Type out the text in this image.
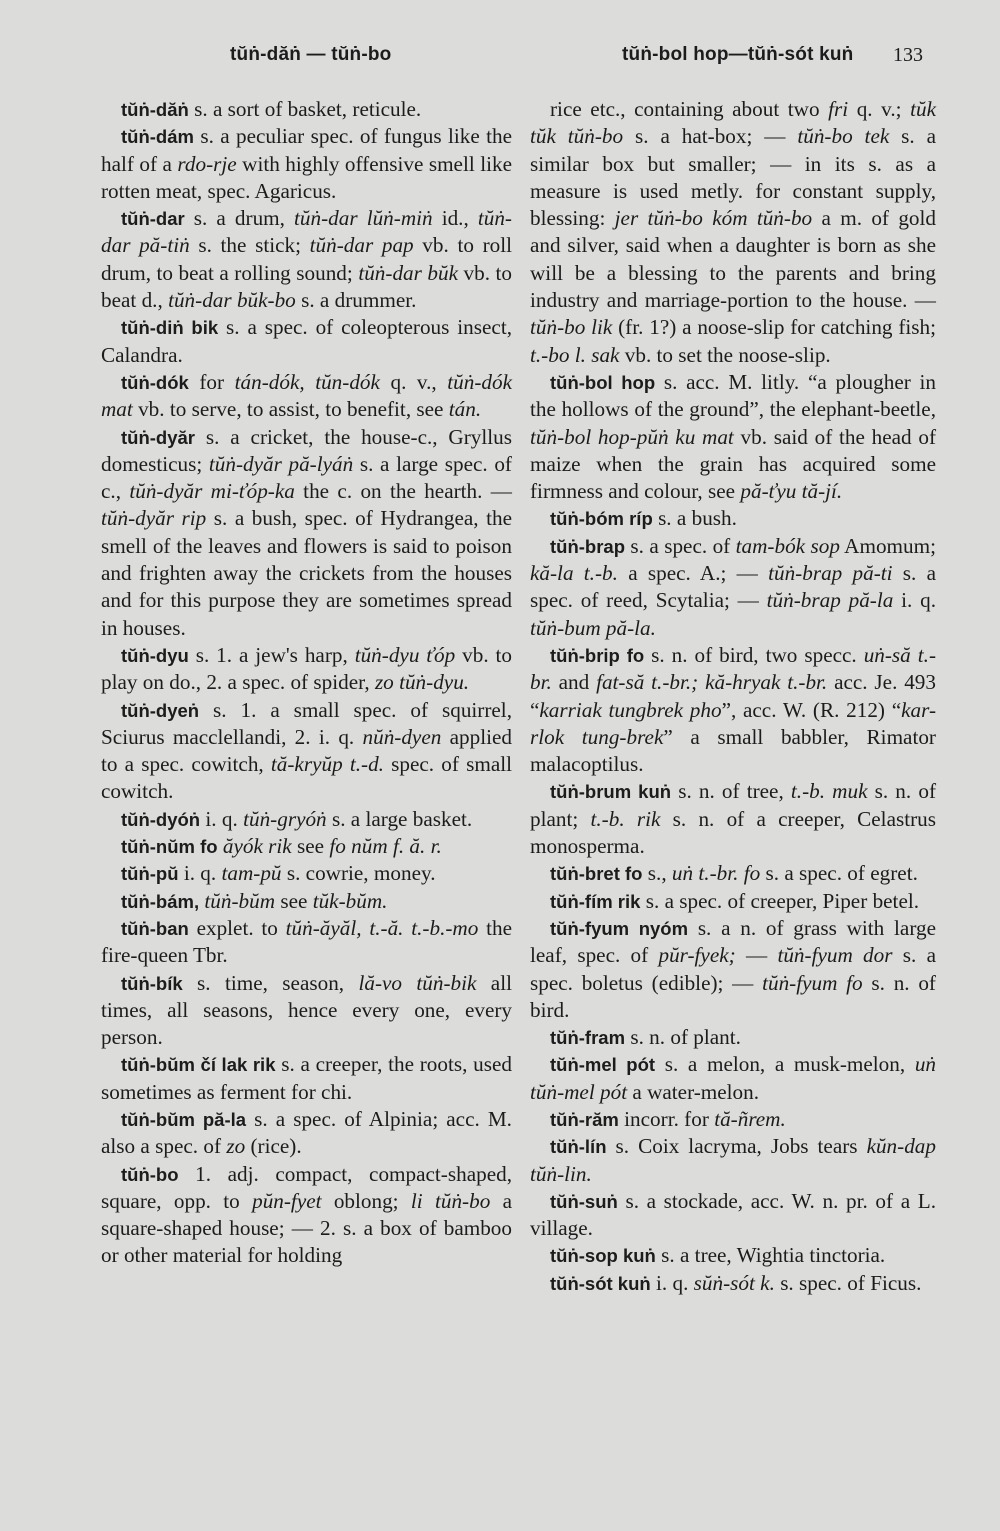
tŭṅ-dăṅ — tŭṅ-bo	tŭṅ-bol hop—tŭṅ-sót kuṅ 133

tŭṅ-dăṅ s. a sort of basket, reticule.

tŭṅ-dám s. a peculiar spec. of fungus like the half of a rdo-rje with highly offensive smell like rotten meat, spec. Agaricus.

tŭṅ-dar s. a drum, tŭṅ-dar lŭṅ-miṅ id., tŭṅ-dar pă-tiṅ s. the stick; tŭṅ-dar pap vb. to roll drum, to beat a rolling sound; tŭṅ-dar bŭk vb. to beat d., tŭṅ-dar bŭk-bo s. a drummer.

tŭṅ-diṅ bik s. a spec. of coleopterous insect, Calandra.

tŭṅ-dók for tán-dók, tŭn-dók q. v., tŭṅ-dók mat vb. to serve, to assist, to benefit, see tán.

tŭṅ-dyăr s. a cricket, the house-c., Gryllus domesticus; tŭṅ-dyăr pă-lyáṅ s. a large spec. of c., tŭṅ-dyăr mi-ťóp-ka the c. on the hearth. — tŭṅ-dyăr rip s. a bush, spec. of Hydrangea, the smell of the leaves and flowers is said to poison and frighten away the crickets from the houses and for this purpose they are sometimes spread in houses.

tŭṅ-dyu s. 1. a jew's harp, tŭṅ-dyu ťóp vb. to play on do., 2. a spec. of spider, zo tŭṅ-dyu.

tŭṅ-dyeṅ s. 1. a small spec. of squirrel, Sciurus macclellandi, 2. i. q. nŭṅ-dyen applied to a spec. cowitch, tă-kryŭp t.-d. spec. of small cowitch.

tŭṅ-dyóṅ i. q. tŭṅ-gryóṅ s. a large basket.

tŭṅ-nŭm fo ăyók rik see fo nŭm f. ă. r.

tŭṅ-pŭ i. q. tam-pŭ s. cowrie, money.

tŭṅ-bám, tŭṅ-bŭm see tŭk-bŭm.

tŭṅ-ban explet. to tŭṅ-ăyăl, t.-ă. t.-b.-mo the fire-queen Tbr.

tŭṅ-bík s. time, season, lă-vo tŭṅ-bik all times, all seasons, hence every one, every person.

tŭṅ-bŭm čí lak rik s. a creeper, the roots, used sometimes as ferment for chi.

tŭṅ-bŭm pă-la s. a spec. of Alpinia; acc. M. also a spec. of zo (rice).

tŭṅ-bo 1. adj. compact, compact-shaped, square, opp. to pŭn-fyet oblong; li tŭṅ-bo a square-shaped house; — 2. s. a box of bamboo or other material for holding

rice etc., containing about two fri q. v.; tŭk tŭk tŭṅ-bo s. a hat-box; — tŭṅ-bo tek s. a similar box but smaller; — in its s. as a measure is used metly. for constant supply, blessing: jer tŭṅ-bo kóm tŭṅ-bo a m. of gold and silver, said when a daughter is born as she will be a blessing to the parents and bring industry and marriage-portion to the house. — tŭṅ-bo lik (fr. 1?) a noose-slip for catching fish; t.-bo l. sak vb. to set the noose-slip.

tŭṅ-bol hop s. acc. M. litly. “a plougher in the hollows of the ground”, the elephant-beetle, tŭṅ-bol hop-pŭṅ ku mat vb. said of the head of maize when the grain has acquired some firmness and colour, see pă-ťyu tă-jí.

tŭṅ-bóm ríp s. a bush.

tŭṅ-brap s. a spec. of tam-bók sop Amomum; kă-la t.-b. a spec. A.; — tŭṅ-brap pă-ti s. a spec. of reed, Scytalia; — tŭṅ-brap pă-la i. q. tŭṅ-bum pă-la.

tŭṅ-brip fo s. n. of bird, two specc. uṅ-să t.-br. and fat-să t.-br.; kă-hryak t.-br. acc. Je. 493 “karriak tungbrek pho”, acc. W. (R. 212) “kar-rlok tung-brek” a small babbler, Rimator malacoptilus.

tŭṅ-brum kuṅ s. n. of tree, t.-b. muk s. n. of plant; t.-b. rik s. n. of a creeper, Celastrus monosperma.

tŭṅ-bret fo s., uṅ t.-br. fo s. a spec. of egret.

tŭṅ-fím rik s. a spec. of creeper, Piper betel.

tŭṅ-fyum nyóm s. a n. of grass with large leaf, spec. of pŭr-fyek; — tŭṅ-fyum dor s. a spec. boletus (edible); — tŭṅ-fyum fo s. n. of bird.

tŭṅ-fram s. n. of plant.

tŭṅ-mel pót s. a melon, a musk-melon, uṅ tŭṅ-mel pót a water-melon.

tŭṅ-răm incorr. for tă-ñrem.

tŭṅ-lín s. Coix lacryma, Jobs tears kŭn-dap tŭṅ-lin.

tŭṅ-suṅ s. a stockade, acc. W. n. pr. of a L. village.

tŭṅ-sop kuṅ s. a tree, Wightia tinctoria.

tŭṅ-sót kuṅ i. q. sŭṅ-sót k. s. spec. of Ficus.
